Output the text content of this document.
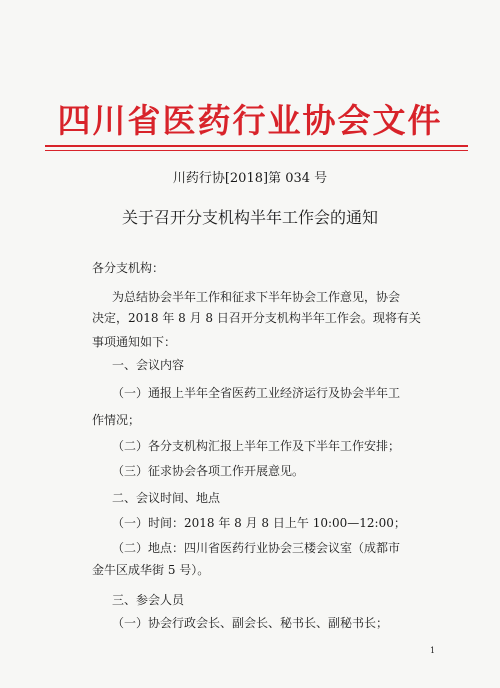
四川省医药行业协会文件
川药行协[2018]第 034 号
关于召开分支机构半年工作会的通知
各分支机构：
为总结协会半年工作和征求下半年协会工作意见，协会
决定，2018 年 8 月 8 日召开分支机构半年工作会。现将有关
事项通知如下：
一、会议内容
（一）通报上半年全省医药工业经济运行及协会半年工
作情况；
（二）各分支机构汇报上半年工作及下半年工作安排；
（三）征求协会各项工作开展意见。
二、会议时间、地点
（一）时间：2018 年 8 月 8 日上午 10:00—12:00；
（二）地点：四川省医药行业协会三楼会议室（成都市
金牛区成华街 5 号）。
三、参会人员
（一）协会行政会长、副会长、秘书长、副秘书长；
1
